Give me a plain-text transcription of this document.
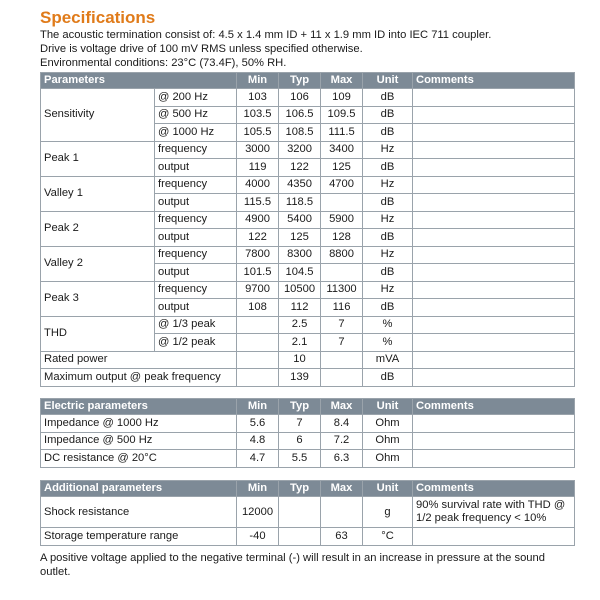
Specifications
The acoustic termination consist of: 4.5 x 1.4 mm ID + 11 x 1.9 mm ID into IEC 711 coupler.
Drive is voltage drive of 100 mV RMS unless specified otherwise.
Environmental conditions: 23°C (73.4F), 50% RH.
Parameters		Min	Typ	Max	Unit	Comments
Sensitivity	@ 200 Hz	103	106	109	dB	
	@ 500 Hz	103.5	106.5	109.5	dB	
	@ 1000 Hz	105.5	108.5	111.5	dB	
Peak 1	frequency	3000	3200	3400	Hz	
	output	119	122	125	dB	
Valley 1	frequency	4000	4350	4700	Hz	
	output	115.5	118.5		dB	
Peak 2	frequency	4900	5400	5900	Hz	
	output	122	125	128	dB	
Valley 2	frequency	7800	8300	8800	Hz	
	output	101.5	104.5		dB	
Peak 3	frequency	9700	10500	11300	Hz	
	output	108	112	116	dB	
THD	@ 1/3 peak		2.5	7	%	
	@ 1/2 peak		2.1	7	%	
Rated power			10		mVA	
Maximum output @ peak frequency			139		dB	
Electric parameters	Min	Typ	Max	Unit	Comments
Impedance @ 1000 Hz	5.6	7	8.4	Ohm	
Impedance @ 500 Hz	4.8	6	7.2	Ohm	
DC resistance @ 20°C	4.7	5.5	6.3	Ohm	
Additional parameters	Min	Typ	Max	Unit	Comments
Shock resistance	12000			g	90% survival rate with THD @ 1/2 peak frequency < 10%
Storage temperature range	-40		63	°C	
A positive voltage applied to the negative terminal (-) will result in an increase in pressure at the sound outlet.
